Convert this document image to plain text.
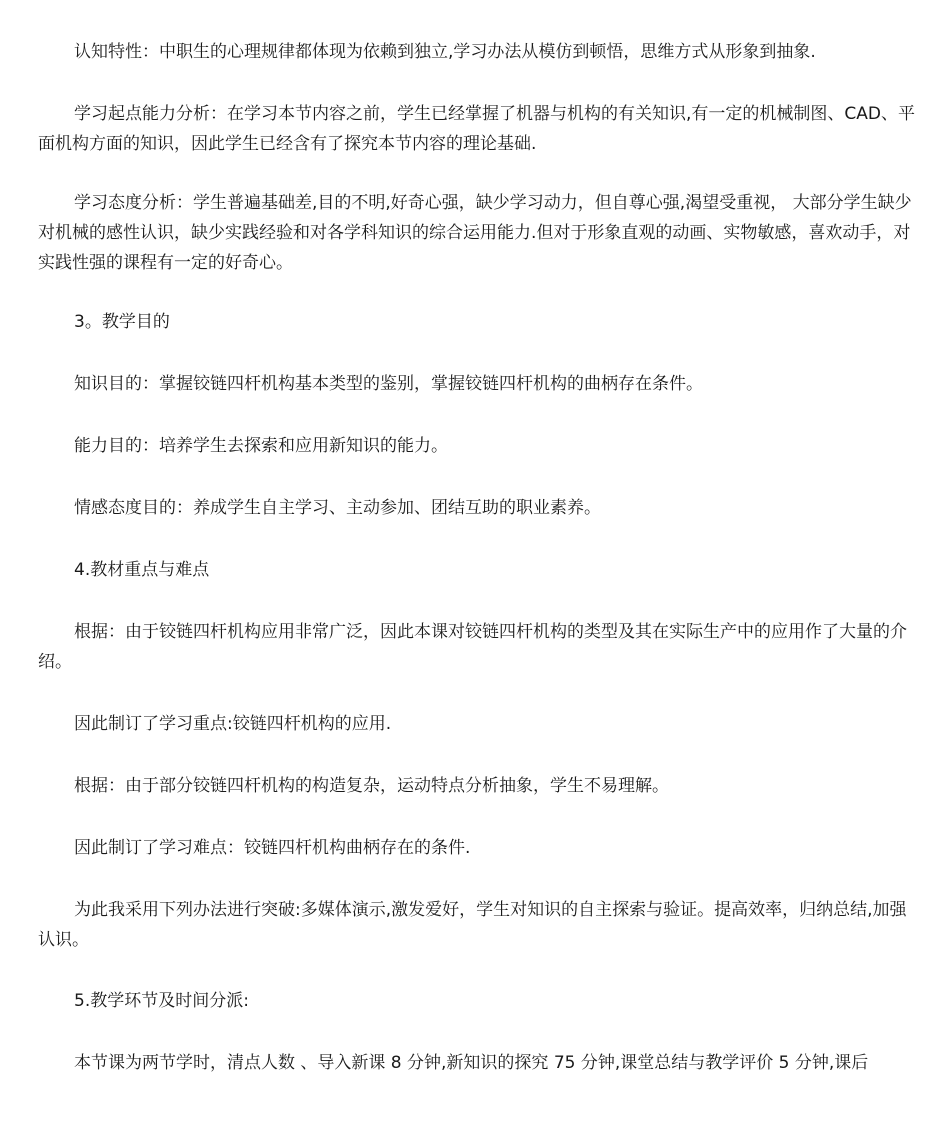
认知特性：中职生的心理规律都体现为依赖到独立,学习办法从模仿到顿悟，思维方式从形象到抽象.

学习起点能力分析：在学习本节内容之前，学生已经掌握了机器与机构的有关知识,有一定的机械制图、CAD、平面机构方面的知识，因此学生已经含有了探究本节内容的理论基础.

学习态度分析：学生普遍基础差,目的不明,好奇心强，缺少学习动力，但自尊心强,渴望受重视， 大部分学生缺少对机械的感性认识，缺少实践经验和对各学科知识的综合运用能力.但对于形象直观的动画、实物敏感，喜欢动手，对实践性强的课程有一定的好奇心。

3。教学目的

知识目的：掌握铰链四杆机构基本类型的鉴别，掌握铰链四杆机构的曲柄存在条件。

能力目的：培养学生去探索和应用新知识的能力。

情感态度目的：养成学生自主学习、主动参加、团结互助的职业素养。

4.教材重点与难点

根据：由于铰链四杆机构应用非常广泛，因此本课对铰链四杆机构的类型及其在实际生产中的应用作了大量的介绍。

因此制订了学习重点:铰链四杆机构的应用.

根据：由于部分铰链四杆机构的构造复杂，运动特点分析抽象，学生不易理解。

因此制订了学习难点：铰链四杆机构曲柄存在的条件.

为此我采用下列办法进行突破:多媒体演示,激发爱好，学生对知识的自主探索与验证。提高效率，归纳总结,加强认识。

5.教学环节及时间分派:

本节课为两节学时，清点人数 、导入新课 8 分钟,新知识的探究 75 分钟,课堂总结与教学评价 5 分钟,课后
